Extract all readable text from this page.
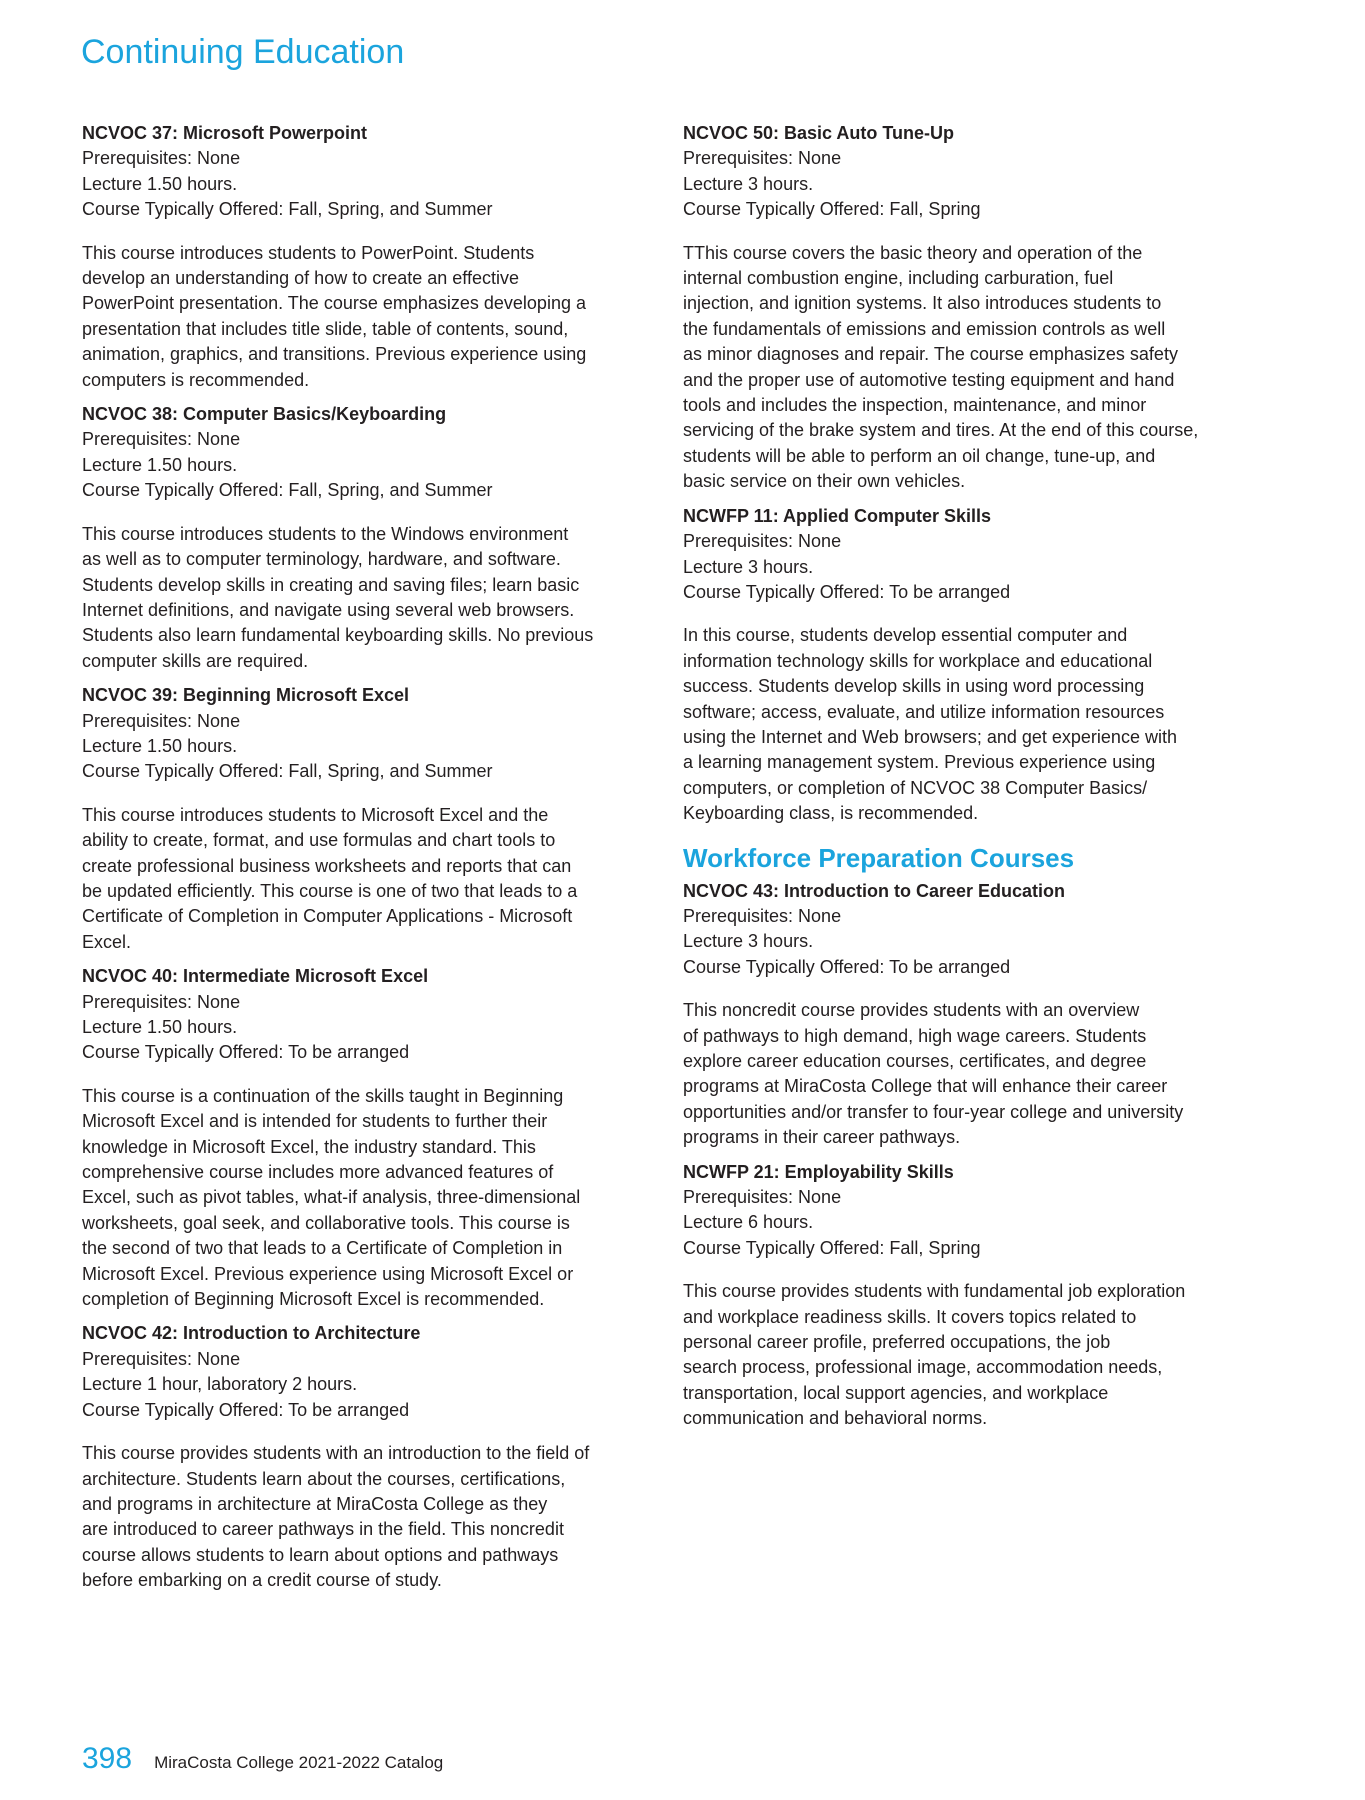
Continuing Education
NCVOC 37: Microsoft Powerpoint
Prerequisites: None
Lecture 1.50 hours.
Course Typically Offered: Fall, Spring, and Summer
This course introduces students to PowerPoint. Students
develop an understanding of how to create an effective
PowerPoint presentation. The course emphasizes developing a
presentation that includes title slide, table of contents, sound,
animation, graphics, and transitions. Previous experience using
computers is recommended.
NCVOC 38: Computer Basics/Keyboarding
Prerequisites: None
Lecture 1.50 hours.
Course Typically Offered: Fall, Spring, and Summer
This course introduces students to the Windows environment
as well as to computer terminology, hardware, and software.
Students develop skills in creating and saving files; learn basic
Internet definitions, and navigate using several web browsers.
Students also learn fundamental keyboarding skills. No previous
computer skills are required.
NCVOC 39: Beginning Microsoft Excel
Prerequisites: None
Lecture 1.50 hours.
Course Typically Offered: Fall, Spring, and Summer
This course introduces students to Microsoft Excel and the
ability to create, format, and use formulas and chart tools to
create professional business worksheets and reports that can
be updated efficiently. This course is one of two that leads to a
Certificate of Completion in Computer Applications - Microsoft
Excel.
NCVOC 40: Intermediate Microsoft Excel
Prerequisites: None
Lecture 1.50 hours.
Course Typically Offered: To be arranged
This course is a continuation of the skills taught in Beginning
Microsoft Excel and is intended for students to further their
knowledge in Microsoft Excel, the industry standard. This
comprehensive course includes more advanced features of
Excel, such as pivot tables, what-if analysis, three-dimensional
worksheets, goal seek, and collaborative tools. This course is
the second of two that leads to a Certificate of Completion in
Microsoft Excel. Previous experience using Microsoft Excel or
completion of Beginning Microsoft Excel is recommended.
NCVOC 42: Introduction to Architecture
Prerequisites: None
Lecture 1 hour, laboratory 2 hours.
Course Typically Offered: To be arranged
This course provides students with an introduction to the field of
architecture. Students learn about the courses, certifications,
and programs in architecture at MiraCosta College as they
are introduced to career pathways in the field. This noncredit
course allows students to learn about options and pathways
before embarking on a credit course of study.
NCVOC 50: Basic Auto Tune-Up
Prerequisites: None
Lecture 3 hours.
Course Typically Offered: Fall, Spring
TThis course covers the basic theory and operation of the
internal combustion engine, including carburation, fuel
injection, and ignition systems. It also introduces students to
the fundamentals of emissions and emission controls as well
as minor diagnoses and repair. The course emphasizes safety
and the proper use of automotive testing equipment and hand
tools and includes the inspection, maintenance, and minor
servicing of the brake system and tires. At the end of this course,
students will be able to perform an oil change, tune-up, and
basic service on their own vehicles.
NCWFP 11: Applied Computer Skills
Prerequisites: None
Lecture 3 hours.
Course Typically Offered: To be arranged
In this course, students develop essential computer and
information technology skills for workplace and educational
success. Students develop skills in using word processing
software; access, evaluate, and utilize information resources
using the Internet and Web browsers; and get experience with
a learning management system. Previous experience using
computers, or completion of NCVOC 38 Computer Basics/
Keyboarding class, is recommended.
Workforce Preparation Courses
NCVOC 43: Introduction to Career Education
Prerequisites: None
Lecture 3 hours.
Course Typically Offered: To be arranged
This noncredit course provides students with an overview
of pathways to high demand, high wage careers. Students
explore career education courses, certificates, and degree
programs at MiraCosta College that will enhance their career
opportunities and/or transfer to four-year college and university
programs in their career pathways.
NCWFP 21: Employability Skills
Prerequisites: None
Lecture 6 hours.
Course Typically Offered: Fall, Spring
This course provides students with fundamental job exploration
and workplace readiness skills. It covers topics related to
personal career profile, preferred occupations, the job
search process, professional image, accommodation needs,
transportation, local support agencies, and workplace
communication and behavioral norms.
398 MiraCosta College 2021-2022 Catalog
